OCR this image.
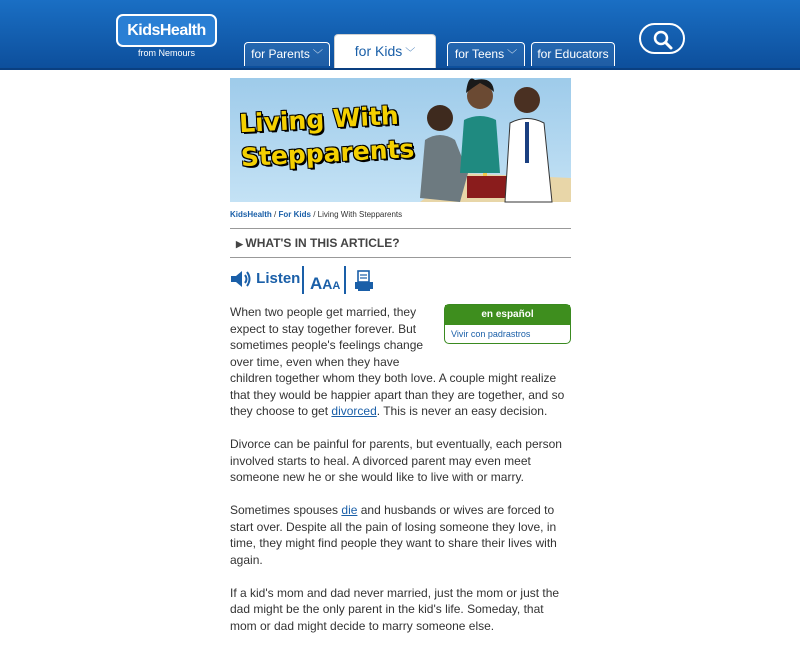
KidsHealth
from Nemours	for Parents ﹀	for Kids ﹀	for Teens ﹀	for Educators
Living With
Stepparents
KidsHealth / For Kids / Living With Stepparents
▶ WHAT'S IN THIS ARTICLE?
Listen AAA
en español
Vivir con padrastros

When two people get married, they expect to stay together forever. But sometimes people's feelings change over time, even when they have children together whom they both love. A couple might realize that they would be happier apart than they are together, and so they choose to get divorced. This is never an easy decision.

Divorce can be painful for parents, but eventually, each person involved starts to heal. A divorced parent may even meet someone new he or she would like to live with or marry.

Sometimes spouses die and husbands or wives are forced to start over. Despite all the pain of losing someone they love, in time, they might find people they want to share their lives with again.

If a kid's mom and dad never married, just the mom or just the dad might be the only parent in the kid's life. Someday, that mom or dad might decide to marry someone else.
